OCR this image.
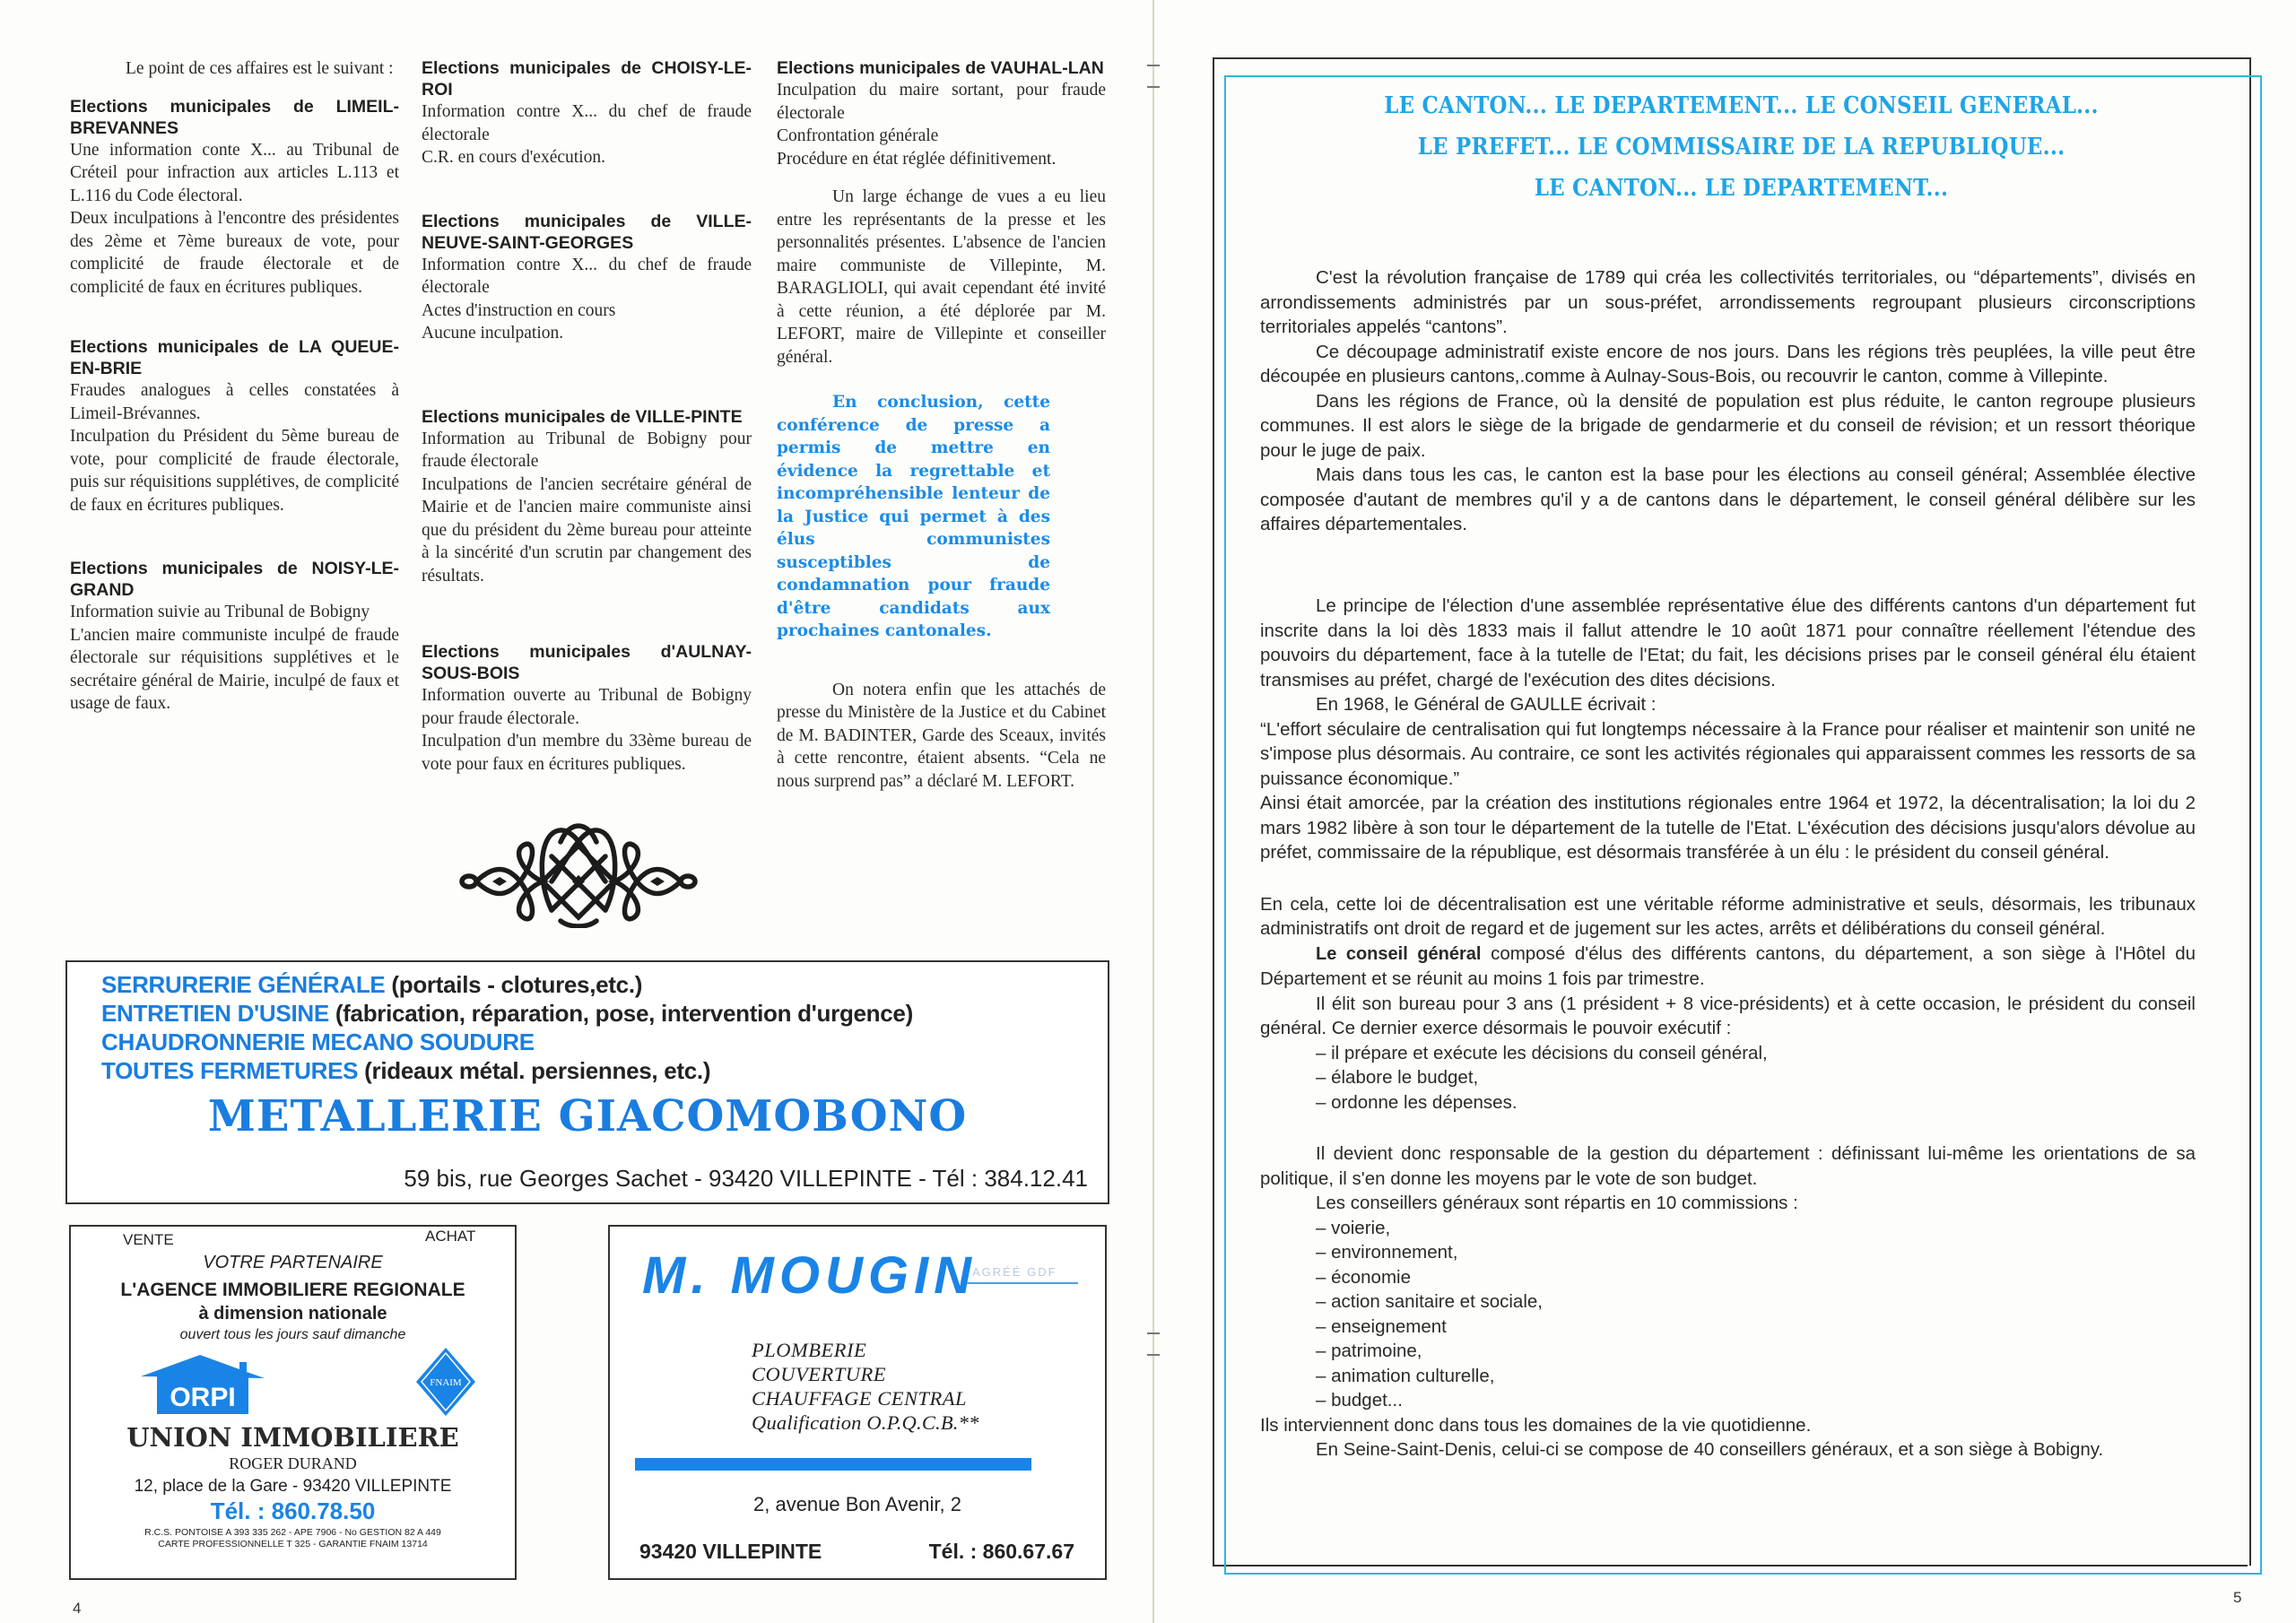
Le point de ces affaires est le suivant :

Elections municipales de LIMEIL-BREVANNES

Une information conte X... au Tribunal de Créteil pour infraction aux articles L.113 et L.116 du Code électoral.

Deux inculpations à l'encontre des présidentes des 2ème et 7ème bureaux de vote, pour complicité de fraude électorale et de complicité de faux en écritures publiques.

Elections municipales de LA QUEUE-EN-BRIE

Fraudes analogues à celles constatées à Limeil-Brévannes.

Inculpation du Président du 5ème bureau de vote, pour complicité de fraude électorale, puis sur réquisitions supplétives, de complicité de faux en écritures publiques.

Elections municipales de NOISY-LE-GRAND

Information suivie au Tribunal de Bobigny

L'ancien maire communiste inculpé de fraude électorale sur réquisitions supplétives et le secrétaire général de Mairie, inculpé de faux et usage de faux.

Elections municipales de CHOISY-LE-ROI

Information contre X... du chef de fraude électorale

C.R. en cours d'exécution.

Elections municipales de VILLE-NEUVE-SAINT-GEORGES

Information contre X... du chef de fraude électorale

Actes d'instruction en cours

Aucune inculpation.

Elections municipales de VILLE-PINTE

Information au Tribunal de Bobigny pour fraude électorale

Inculpations de l'ancien secrétaire général de Mairie et de l'ancien maire communiste ainsi que du président du 2ème bureau pour atteinte à la sincérité d'un scrutin par changement des résultats.

Elections municipales d'AULNAY-SOUS-BOIS

Information ouverte au Tribunal de Bobigny pour fraude électorale.

Inculpation d'un membre du 33ème bureau de vote pour faux en écritures publiques.

Elections municipales de VAUHAL-LAN

Inculpation du maire sortant, pour fraude électorale

Confrontation générale

Procédure en état réglée définitivement.

Un large échange de vues a eu lieu entre les représentants de la presse et les personnalités présentes. L'absence de l'ancien maire communiste de Villepinte, M. BARAGLIOLI, qui avait cependant été invité à cette réunion, a été déplorée par M. LEFORT, maire de Villepinte et conseiller général.

En conclusion, cette conférence de presse a permis de mettre en évidence la regrettable et incompréhensible lenteur de la Justice qui permet à des élus communistes susceptibles de condamnation pour fraude d'être candidats aux prochaines cantonales.

On notera enfin que les attachés de presse du Ministère de la Justice et du Cabinet de M. BADINTER, Garde des Sceaux, invités à cette rencontre, étaient absents. “Cela ne nous surprend pas” a déclaré M. LEFORT.

SERRURERIE GÉNÉRALE (portails - clotures,etc.)
ENTRETIEN D'USINE (fabrication, réparation, pose, intervention d'urgence)
CHAUDRONNERIE MECANO SOUDURE
TOUTES FERMETURES (rideaux métal. persiennes, etc.)
METALLERIE GIACOMOBONO
59 bis, rue Georges Sachet - 93420 VILLEPINTE - Tél : 384.12.41
VENTE	ACHAT
VOTRE PARTENAIRE
L'AGENCE IMMOBILIERE REGIONALE
à dimension nationale
ouvert tous les jours sauf dimanche
ORPI	FNAIM
UNION IMMOBILIERE
ROGER DURAND
12, place de la Gare - 93420 VILLEPINTE
Tél. : 860.78.50
R.C.S. PONTOISE A 393 335 262 - APE 7906 - No GESTION 82 A 449
CARTE PROFESSIONNELLE T 325 - GARANTIE FNAIM 13714
M. MOUGIN
AGRÉÉ GDF
PLOMBERIE
COUVERTURE
CHAUFFAGE CENTRAL
Qualification O.P.Q.C.B.**
2, avenue Bon Avenir, 2
93420 VILLEPINTE	Tél. : 860.67.67
4
LE CANTON... LE DEPARTEMENT... LE CONSEIL GENERAL...
LE PREFET... LE COMMISSAIRE DE LA REPUBLIQUE...
LE CANTON... LE DEPARTEMENT...

C'est la révolution française de 1789 qui créa les collectivités territoriales, ou “départements”, divisés en arrondissements administrés par un sous-préfet, arrondissements regroupant plusieurs circonscriptions territoriales appelés “cantons”.

Ce découpage administratif existe encore de nos jours. Dans les régions très peuplées, la ville peut être découpée en plusieurs cantons,.comme à Aulnay-Sous-Bois, ou recouvrir le canton, comme à Villepinte.

Dans les régions de France, où la densité de population est plus réduite, le canton regroupe plusieurs communes. Il est alors le siège de la brigade de gendarmerie et du conseil de révision; et un ressort théorique pour le juge de paix.

Mais dans tous les cas, le canton est la base pour les élections au conseil général; Assemblée élective composée d'autant de membres qu'il y a de cantons dans le département, le conseil général délibère sur les affaires départementales.

Le principe de l'élection d'une assemblée représentative élue des différents cantons d'un département fut inscrite dans la loi dès 1833 mais il fallut attendre le 10 août 1871 pour connaître réellement l'étendue des pouvoirs du département, face à la tutelle de l'Etat; du fait, les décisions prises par le conseil général élu étaient transmises au préfet, chargé de l'exécution des dites décisions.

En 1968, le Général de GAULLE écrivait :

“L'effort séculaire de centralisation qui fut longtemps nécessaire à la France pour réaliser et maintenir son unité ne s'impose plus désormais. Au contraire, ce sont les activités régionales qui apparaissent commes les ressorts de sa puissance économique.”

Ainsi était amorcée, par la création des institutions régionales entre 1964 et 1972, la décentralisation; la loi du 2 mars 1982 libère à son tour le département de la tutelle de l'Etat. L'éxécution des décisions jusqu'alors dévolue au préfet, commissaire de la république, est désormais transférée à un élu : le président du conseil général.

En cela, cette loi de décentralisation est une véritable réforme administrative et seuls, désormais, les tribunaux administratifs ont droit de regard et de jugement sur les actes, arrêts et délibérations du conseil général.

Le conseil général composé d'élus des différents cantons, du département, a son siège à l'Hôtel du Département et se réunit au moins 1 fois par trimestre.

Il élit son bureau pour 3 ans (1 président + 8 vice-présidents) et à cette occasion, le président du conseil général. Ce dernier exerce désormais le pouvoir exécutif :

– il prépare et exécute les décisions du conseil général,

– élabore le budget,

– ordonne les dépenses.

Il devient donc responsable de la gestion du département : définissant lui-même les orientations de sa politique, il s'en donne les moyens par le vote de son budget.

Les conseillers généraux sont répartis en 10 commissions :

– voierie,

– environnement,

– économie

– action sanitaire et sociale,

– enseignement

– patrimoine,

– animation culturelle,

– budget...

Ils interviennent donc dans tous les domaines de la vie quotidienne.

En Seine-Saint-Denis, celui-ci se compose de 40 conseillers généraux, et a son siège à Bobigny.

5
